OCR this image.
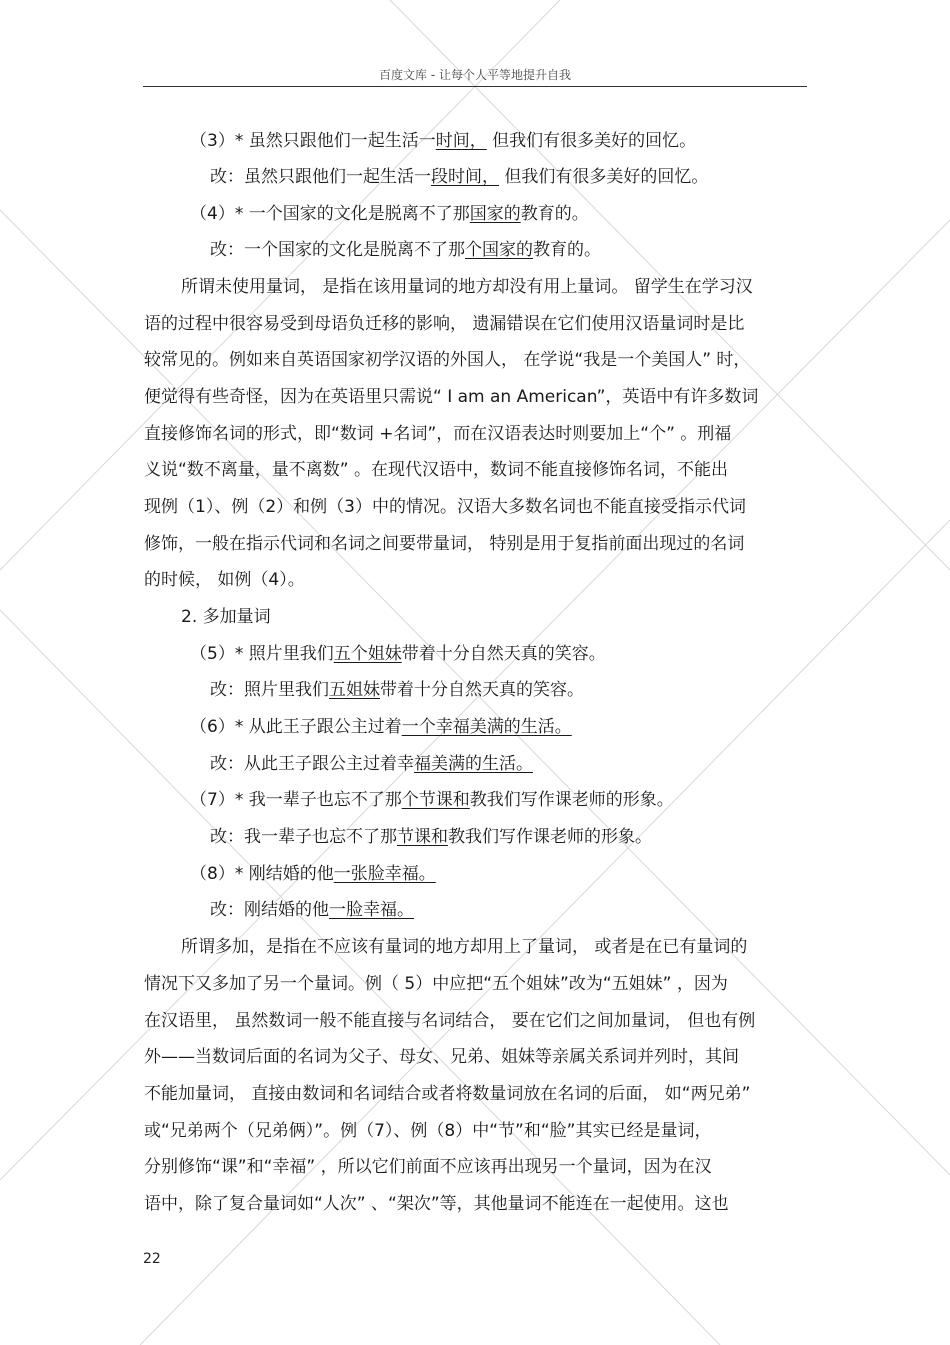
百度文库 - 让每个人平等地提升自我
（3）* 虽然只跟他们一起生活一时间， 但我们有很多美好的回忆。
改：虽然只跟他们一起生活一段时间， 但我们有很多美好的回忆。
（4）* 一个国家的文化是脱离不了那国家的教育的。
改：一个国家的文化是脱离不了那个国家的教育的。
所谓未使用量词， 是指在该用量词的地方却没有用上量词。 留学生在学习汉
语的过程中很容易受到母语负迁移的影响， 遗漏错误在它们使用汉语量词时是比
较常见的。例如来自英语国家初学汉语的外国人， 在学说“我是一个美国人” 时，
便觉得有些奇怪，因为在英语里只需说“ I am an American”，英语中有许多数词
直接修饰名词的形式，即“数词 +名词”，而在汉语表达时则要加上“个” 。刑福
义说“数不离量，量不离数” 。在现代汉语中，数词不能直接修饰名词，不能出
现例（1）、例（2）和例（3）中的情况。汉语大多数名词也不能直接受指示代词
修饰，一般在指示代词和名词之间要带量词， 特别是用于复指前面出现过的名词
的时候， 如例（4）。
2. 多加量词
（5）* 照片里我们五个姐妹带着十分自然天真的笑容。
改：照片里我们五姐妹带着十分自然天真的笑容。
（6）* 从此王子跟公主过着一个幸福美满的生活。
改：从此王子跟公主过着幸福美满的生活。
（7）* 我一辈子也忘不了那个节课和教我们写作课老师的形象。
改：我一辈子也忘不了那节课和教我们写作课老师的形象。
（8）* 刚结婚的他一张脸幸福。
改：刚结婚的他一脸幸福。
所谓多加，是指在不应该有量词的地方却用上了量词， 或者是在已有量词的
情况下又多加了另一个量词。例（ 5）中应把“五个姐妹”改为“五姐妹” ，因为
在汉语里， 虽然数词一般不能直接与名词结合， 要在它们之间加量词， 但也有例
外——当数词后面的名词为父子、母女、兄弟、姐妹等亲属关系词并列时，其间
不能加量词， 直接由数词和名词结合或者将数量词放在名词的后面， 如“两兄弟”
或“兄弟两个（兄弟俩）”。例（7）、例（8）中“节”和“脸”其实已经是量词，
分别修饰“课”和“幸福” ，所以它们前面不应该再出现另一个量词，因为在汉
语中，除了复合量词如“人次” 、“架次”等，其他量词不能连在一起使用。这也
22
